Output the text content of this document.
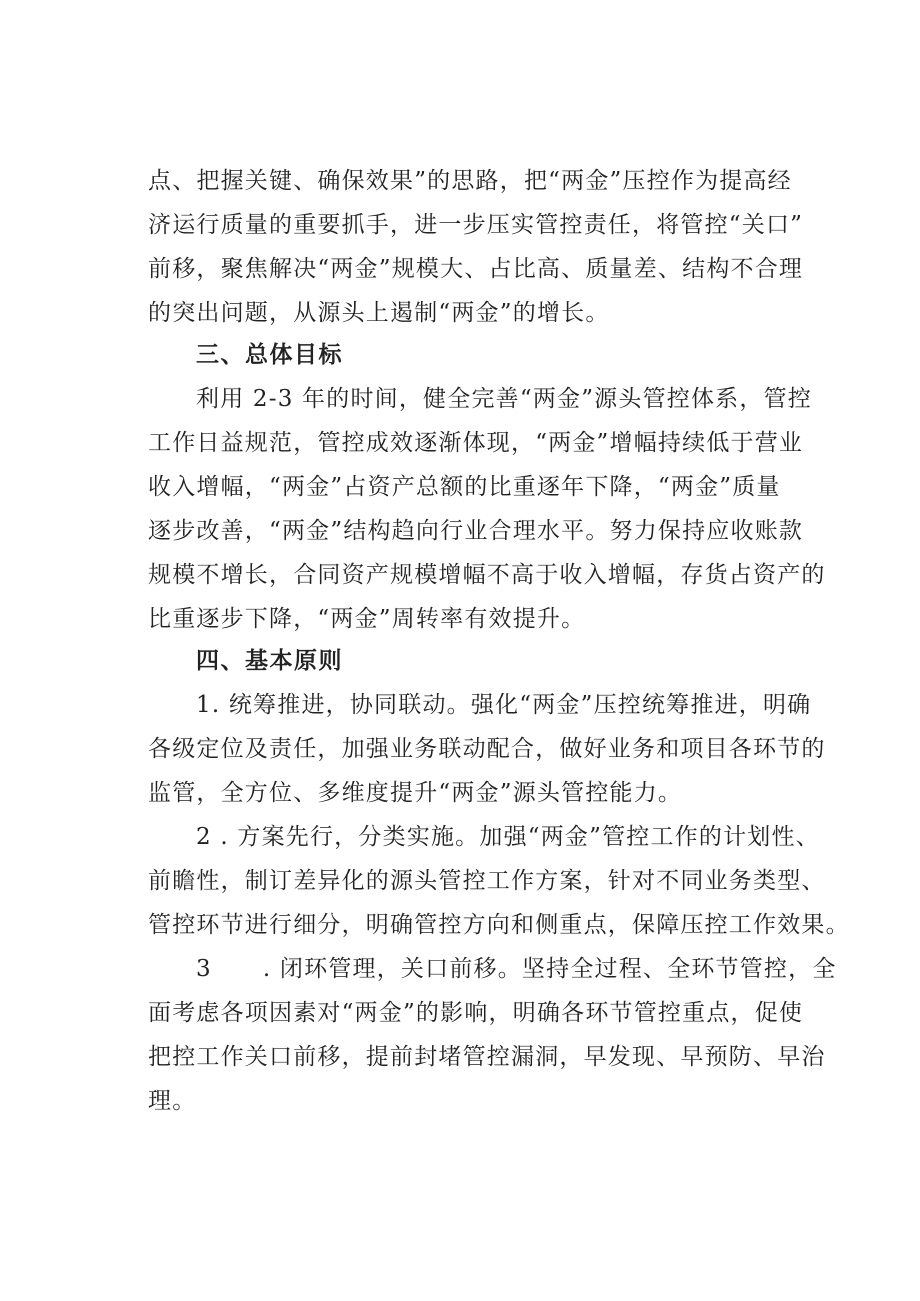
点、把握关键、确保效果”的思路，把“两金”压控作为提高经
济运行质量的重要抓手，进一步压实管控责任，将管控“关口”
前移，聚焦解决“两金”规模大、占比高、质量差、结构不合理
的突出问题，从源头上遏制“两金”的增长。
三、总体目标
利用 2-3 年的时间，健全完善“两金”源头管控体系，管控
工作日益规范，管控成效逐渐体现，“两金”增幅持续低于营业
收入增幅，“两金”占资产总额的比重逐年下降，“两金”质量
逐步改善，“两金”结构趋向行业合理水平。努力保持应收账款
规模不增长，合同资产规模增幅不高于收入增幅，存货占资产的
比重逐步下降，“两金”周转率有效提升。
四、基本原则
1. 统筹推进，协同联动。强化“两金”压控统筹推进，明确
各级定位及责任，加强业务联动配合，做好业务和项目各环节的
监管，全方位、多维度提升“两金”源头管控能力。
2 . 方案先行，分类实施。加强“两金”管控工作的计划性、
前瞻性，制订差异化的源头管控工作方案，针对不同业务类型、
管控环节进行细分，明确管控方向和侧重点，保障压控工作效果。
3      . 闭环管理，关口前移。坚持全过程、全环节管控，全
面考虑各项因素对“两金”的影响，明确各环节管控重点，促使
把控工作关口前移，提前封堵管控漏洞，早发现、早预防、早治
理。
